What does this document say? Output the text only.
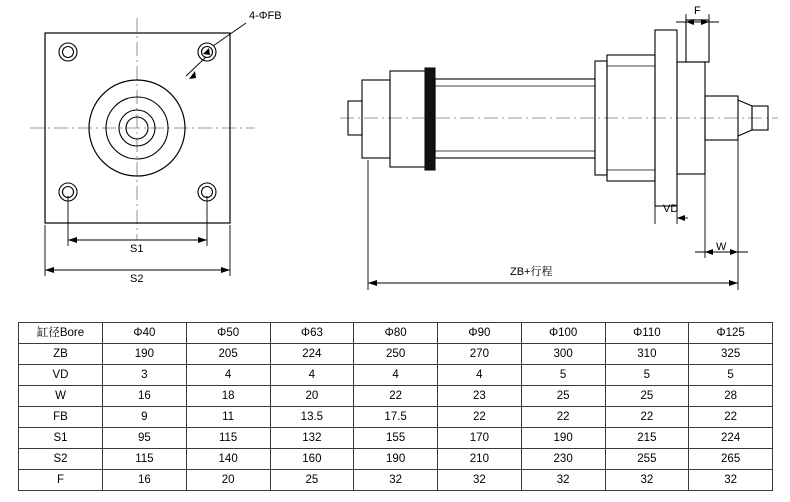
4-ΦFB
S1
S2
F
VD
W
ZB+行程
缸径Bore	Φ40	Φ50	Φ63	Φ80	Φ90	Φ100	Φ110	Φ125
ZB	190	205	224	250	270	300	310	325
VD	3	4	4	4	4	5	5	5
W	16	18	20	22	23	25	25	28
FB	9	11	13.5	17.5	22	22	22	22
S1	95	115	132	155	170	190	215	224
S2	115	140	160	190	210	230	255	265
F	16	20	25	32	32	32	32	32
